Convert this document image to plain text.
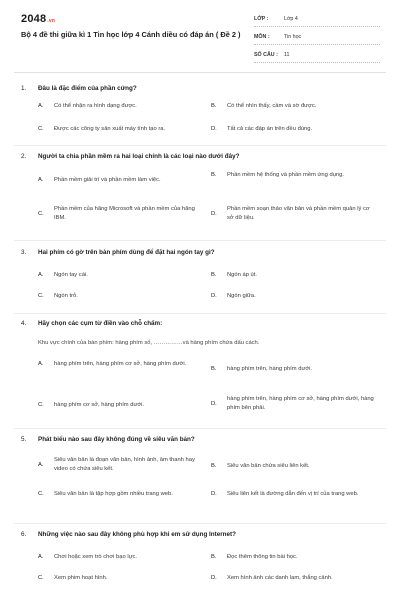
2048.vn
Bộ 4 đề thi giữa kì 1 Tin học lớp 4 Cánh diều có đáp án ( Đề 2 )
LỚP :	Lớp 4
MÔN :	Tin học
SỐ CÂU :	11
1. Đâu là đặc điểm của phần cứng?
A.	Có thể nhận ra hình dạng được.	B.	Có thể nhìn thấy, cầm và sờ được.
C.	Được các công ty sản xuất máy tính tạo ra.	D.	Tất cả các đáp án trên đều đúng.
2. Người ta chia phần mềm ra hai loại chính là các loại nào dưới đây?
A.	Phần mềm giải trí và phần mềm làm việc.
B.	Phần mềm hệ thống và phần mềm ứng dụng.
C.
Phần mềm của hãng Microsoft và phần mềm của hãng IBM.
D.
Phần mềm soạn thảo văn bản và phần mềm quản lý cơ sở dữ liệu.
3. Hai phím có gờ trên bàn phím dùng để đặt hai ngón tay gì?
A.	Ngón tay cái.	B.	Ngón áp út.
C.	Ngón trỏ.	D.	Ngón giữa.
4. Hãy chọn các cụm từ điền vào chỗ chấm:
Khu vực chính của bàn phím: hàng phím số, ……………và hàng phím chứa dấu cách.
A.	hàng phím trên, hàng phím cơ sở, hàng phím dưới.
B.	hàng phím trên, hàng phím dưới.
C.	hàng phím cơ sở, hàng phím dưới.	D.
hàng phím trên, hàng phím cơ sở, hàng phím dưới, hàng phím bên phải.
5. Phát biểu nào sau đây không đúng về siêu văn bản?
A.
Siêu văn bản là đoạn văn bản, hình ảnh, âm thanh hay video có chứa siêu kết.	B.	Siêu văn bản chứa siêu liên kết.
C.	Siêu văn bản là tập hợp gồm nhiều trang web.	D.	Siêu liên kết là đường dẫn đến vị trí của trang web.
6. Những việc nào sau đây không phù hợp khi em sử dụng Internet?
A.	Chơi hoặc xem trò chơi bạo lực.	B.	Đọc thêm thông tin bài học.
C.	Xem phim hoạt hình.	D.	Xem hình ảnh các danh lam, thắng cảnh.
